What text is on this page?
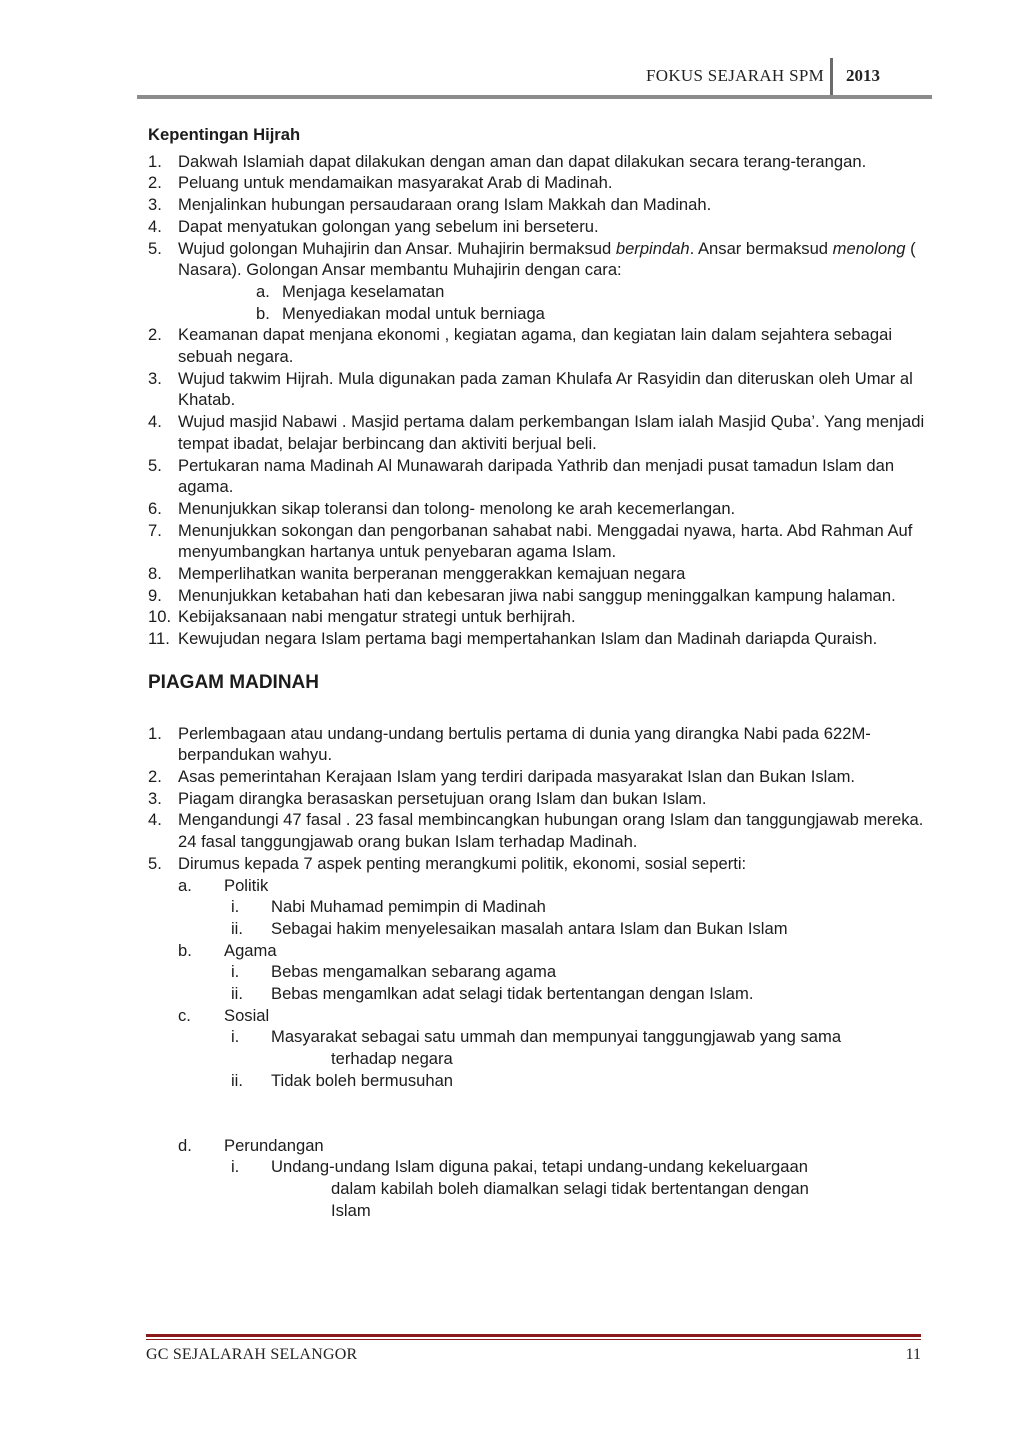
FOKUS SEJARAH SPM 2013
Kepentingan Hijrah
1. Dakwah Islamiah dapat dilakukan dengan aman dan dapat dilakukan secara terang-terangan.
2. Peluang untuk mendamaikan masyarakat Arab di Madinah.
3. Menjalinkan hubungan persaudaraan orang Islam Makkah dan Madinah.
4. Dapat menyatukan golongan yang sebelum ini berseteru.
5. Wujud golongan Muhajirin dan Ansar. Muhajirin bermaksud berpindah. Ansar bermaksud menolong ( Nasara). Golongan Ansar membantu Muhajirin dengan cara:
a. Menjaga keselamatan
b. Menyediakan modal untuk berniaga
2. Keamanan dapat menjana ekonomi , kegiatan agama, dan kegiatan lain dalam sejahtera sebagai sebuah negara.
3. Wujud takwim Hijrah. Mula digunakan pada zaman Khulafa Ar Rasyidin dan diteruskan oleh Umar al Khatab.
4. Wujud masjid Nabawi . Masjid pertama dalam perkembangan Islam ialah Masjid Quba’. Yang menjadi tempat ibadat, belajar berbincang dan aktiviti berjual beli.
5. Pertukaran nama Madinah Al Munawarah daripada Yathrib dan menjadi pusat tamadun Islam dan agama.
6. Menunjukkan sikap toleransi dan tolong- menolong ke arah kecemerlangan.
7. Menunjukkan sokongan dan pengorbanan sahabat nabi. Menggadai nyawa, harta. Abd Rahman Auf menyumbangkan hartanya untuk penyebaran agama Islam.
8. Memperlihatkan wanita berperanan menggerakkan kemajuan negara
9. Menunjukkan ketabahan hati dan kebesaran jiwa nabi sanggup meninggalkan kampung halaman.
10. Kebijaksanaan nabi mengatur strategi untuk berhijrah.
11. Kewujudan negara Islam pertama bagi mempertahankan Islam dan Madinah dariapda Quraish.
PIAGAM MADINAH
1. Perlembagaan atau undang-undang bertulis pertama di dunia yang dirangka Nabi pada 622M- berpandukan wahyu.
2. Asas pemerintahan Kerajaan Islam yang terdiri daripada masyarakat Islan dan Bukan Islam.
3. Piagam dirangka berasaskan persetujuan orang Islam dan bukan Islam.
4. Mengandungi 47 fasal . 23 fasal membincangkan hubungan orang Islam dan tanggungjawab mereka. 24 fasal tanggungjawab orang bukan Islam terhadap Madinah.
5. Dirumus kepada 7 aspek penting merangkumi politik, ekonomi, sosial seperti:
a. Politik
i. Nabi Muhamad pemimpin di Madinah
ii. Sebagai hakim menyelesaikan masalah antara Islam dan Bukan Islam
b. Agama
i. Bebas mengamalkan sebarang agama
ii. Bebas mengamlkan adat selagi tidak bertentangan dengan Islam.
c. Sosial
i. Masyarakat sebagai satu ummah dan mempunyai tanggungjawab yang sama
terhadap negara
ii. Tidak boleh bermusuhan
d. Perundangan
i. Undang-undang Islam diguna pakai, tetapi undang-undang kekeluargaan
dalam kabilah boleh diamalkan selagi tidak bertentangan dengan
Islam
GC SEJALARAH SELANGOR	11
